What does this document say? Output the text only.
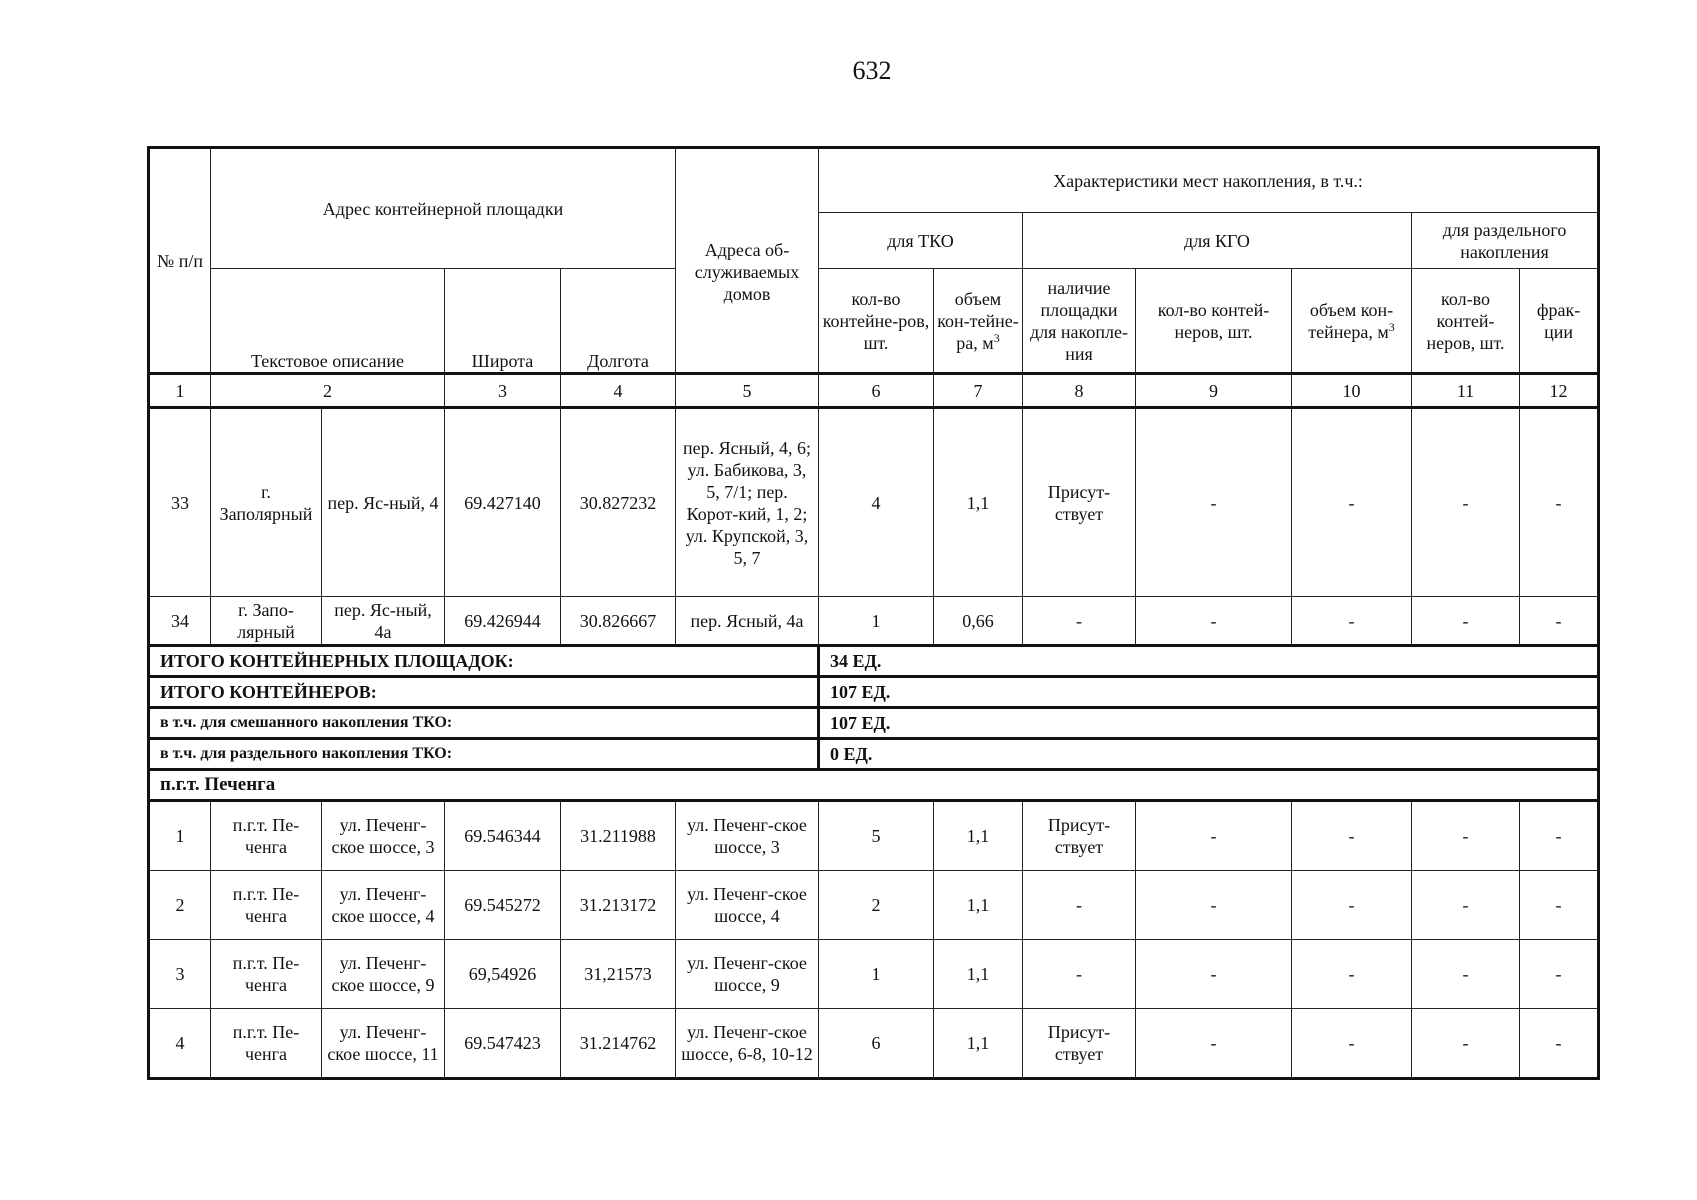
632
№ п/п	Адрес контейнерной площадки				Адреса об-служиваемых домов	Характеристики мест накопления, в т.ч.:						
						для ТКО		для КГО			для раздельного накопления	
						кол-во контейне-ров, шт.	объем кон-тейне-ра, $м^3$	наличие площадки для накопле-ния	кол-во контей-неров, шт.	объем кон-тейнера, $м^3$	кол-во контей-неров, шт.	фрак-ции
	Текстовое описание		Широта	Долгота								
1	2		3	4	5	6	7	8	9	10	11	12
33	г. Заполярный	пер. Яс-ный, 4	69.427140	30.827232	пер. Ясный, 4, 6; ул. Бабикова, 3, 5, 7/1; пер. Корот-кий, 1, 2; ул. Крупской, 3, 5, 7	4	1,1	Присут-ствует	-	-	-	-
34	г. Запо-лярный	пер. Яс-ный, 4а	69.426944	30.826667	пер. Ясный, 4а	1	0,66	-	-	-	-	-
ИТОГО КОНТЕЙНЕРНЫХ ПЛОЩАДОК:						34 ЕД.						
ИТОГО КОНТЕЙНЕРОВ:						107 ЕД.						
в т.ч. для смешанного накопления ТКО:						107 ЕД.						
в т.ч. для раздельного накопления ТКО:						0 ЕД.						
п.г.т. Печенга												
1	п.г.т. Пе-ченга	ул. Печенг-ское шоссе, 3	69.546344	31.211988	ул. Печенг-ское шоссе, 3	5	1,1	Присут-ствует	-	-	-	-
2	п.г.т. Пе-ченга	ул. Печенг-ское шоссе, 4	69.545272	31.213172	ул. Печенг-ское шоссе, 4	2	1,1	-	-	-	-	-
3	п.г.т. Пе-ченга	ул. Печенг-ское шоссе, 9	69,54926	31,21573	ул. Печенг-ское шоссе, 9	1	1,1	-	-	-	-	-
4	п.г.т. Пе-ченга	ул. Печенг-ское шоссе, 11	69.547423	31.214762	ул. Печенг-ское шоссе, 6-8, 10-12	6	1,1	Присут-ствует	-	-	-	-
